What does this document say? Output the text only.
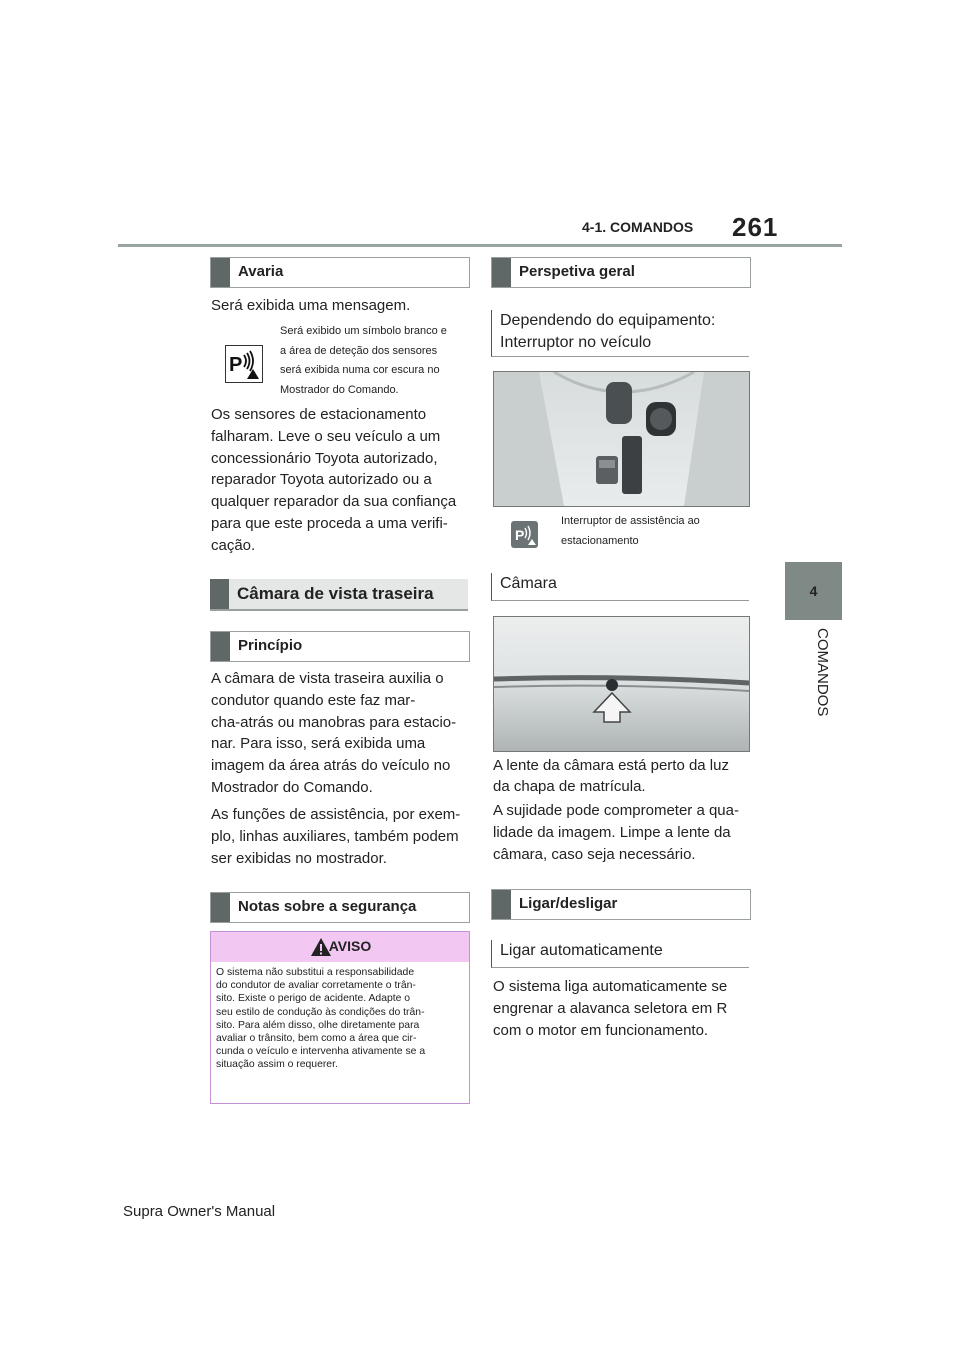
4-1. COMANDOS 261
4
COMANDOS
Avaria
Será exibida uma mensagem.
P
Será exibido um símbolo branco e
a área de deteção dos sensores
será exibida numa cor escura no
Mostrador do Comando.
Os sensores de estacionamento
falharam. Leve o seu veículo a um
concessionário Toyota autorizado,
reparador Toyota autorizado ou a
qualquer reparador da sua confiança
para que este proceda a uma verifi-
cação.
Câmara de vista traseira
Princípio
A câmara de vista traseira auxilia o
condutor quando este faz mar-
cha-atrás ou manobras para estacio-
nar. Para isso, será exibida uma
imagem da área atrás do veículo no
Mostrador do Comando.
As funções de assistência, por exem-
plo, linhas auxiliares, também podem
ser exibidas no mostrador.
Notas sobre a segurança
AVISO
O sistema não substitui a responsabilidade
do condutor de avaliar corretamente o trân-
sito. Existe o perigo de acidente. Adapte o
seu estilo de condução às condições do trân-
sito. Para além disso, olhe diretamente para
avaliar o trânsito, bem como a área que cir-
cunda o veículo e intervenha ativamente se a
situação assim o requerer.
Perspetiva geral
Dependendo do equipamento:
Interruptor no veículo
P
Interruptor de assistência ao
estacionamento
Câmara
A lente da câmara está perto da luz
da chapa de matrícula.
A sujidade pode comprometer a qua-
lidade da imagem. Limpe a lente da
câmara, caso seja necessário.
Ligar/desligar
Ligar automaticamente
O sistema liga automaticamente se
engrenar a alavanca seletora em R
com o motor em funcionamento.
Supra Owner's Manual
